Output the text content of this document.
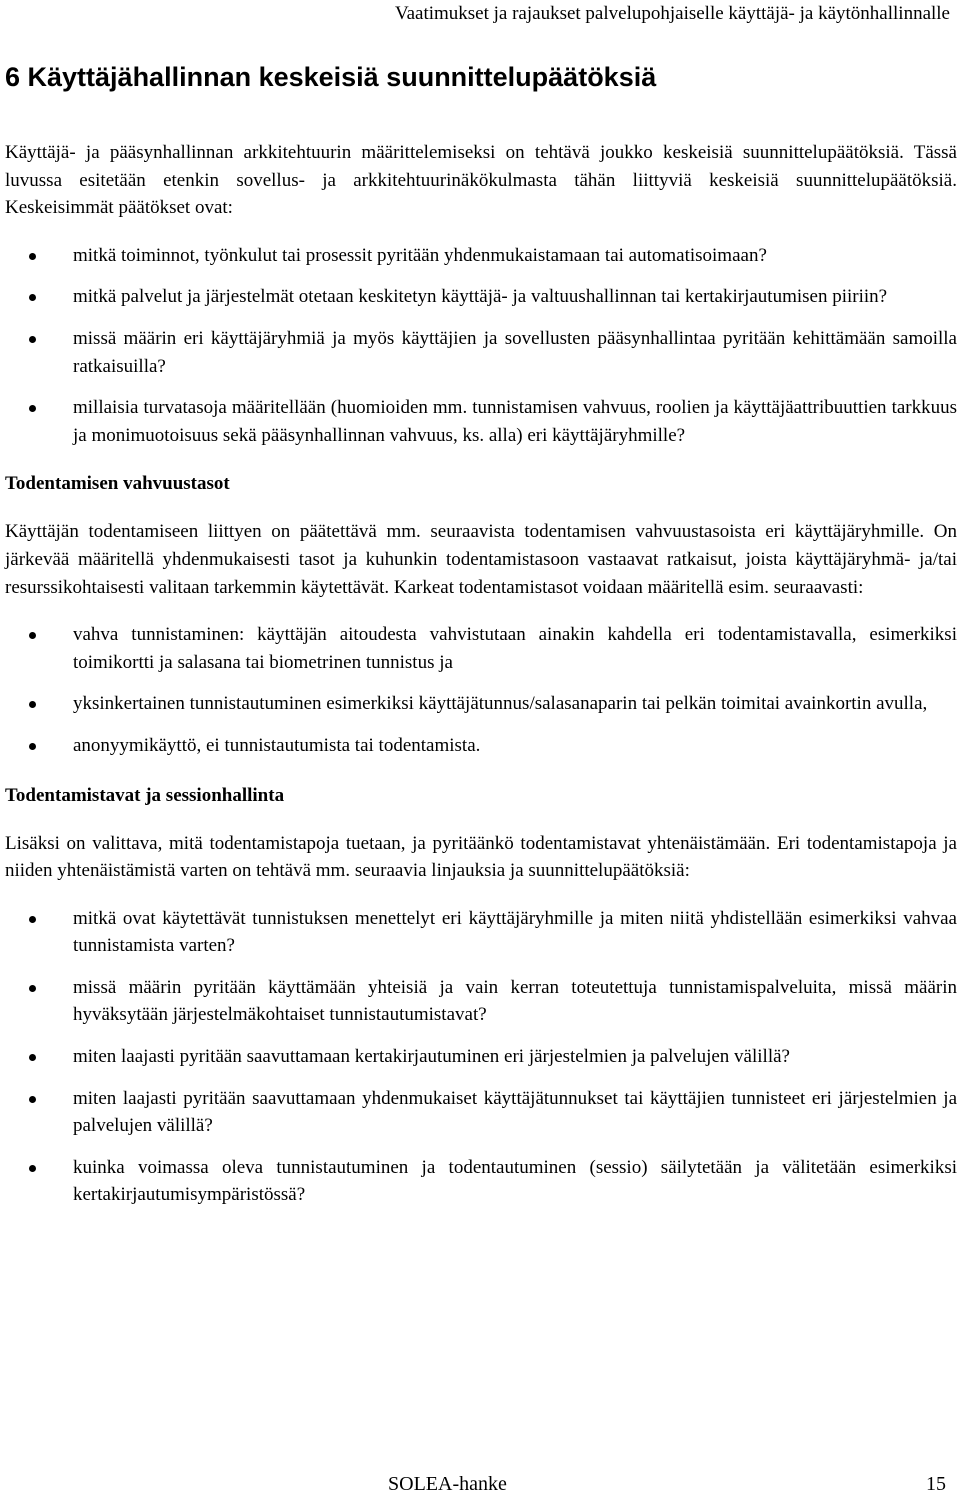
Vaatimukset ja rajaukset palvelupohjaiselle käyttäjä- ja käytönhallinnalle
6 Käyttäjähallinnan keskeisiä suunnittelupäätöksiä

Käyttäjä- ja pääsynhallinnan arkkitehtuurin määrittelemiseksi on tehtävä joukko keskeisiä suunnittelupäätöksiä. Tässä luvussa esitetään etenkin sovellus- ja arkkitehtuurinäkökulmasta tähän liittyviä keskeisiä suunnittelupäätöksiä. Keskeisimmät päätökset ovat:

mitkä toiminnot, työnkulut tai prosessit pyritään yhdenmukaistamaan tai automatisoimaan?
mitkä palvelut ja järjestelmät otetaan keskitetyn käyttäjä- ja valtuushallinnan tai kertakirjautumisen piiriin?
missä määrin eri käyttäjäryhmiä ja myös käyttäjien ja sovellusten pääsynhallintaa pyritään kehittämään samoilla ratkaisuilla?
millaisia turvatasoja määritellään (huomioiden mm. tunnistamisen vahvuus, roolien ja käyttäjäattribuuttien tarkkuus ja monimuotoisuus sekä pääsynhallinnan vahvuus, ks. alla) eri käyttäjäryhmille?
Todentamisen vahvuustasot

Käyttäjän todentamiseen liittyen on päätettävä mm. seuraavista todentamisen vahvuustasoista eri käyttäjäryhmille. On järkevää määritellä yhdenmukaisesti tasot ja kuhunkin todentamistasoon vastaavat ratkaisut, joista käyttäjäryhmä- ja/tai resurssikohtaisesti valitaan tarkemmin käytettävät. Karkeat todentamistasot voidaan määritellä esim. seuraavasti:

vahva tunnistaminen: käyttäjän aitoudesta vahvistutaan ainakin kahdella eri todentamistavalla, esimerkiksi toimikortti ja salasana tai biometrinen tunnistus ja
yksinkertainen tunnistautuminen esimerkiksi käyttäjätunnus/salasanaparin tai pelkän toimitai avainkortin avulla,
anonyymikäyttö, ei tunnistautumista tai todentamista.
Todentamistavat ja sessionhallinta

Lisäksi on valittava, mitä todentamistapoja tuetaan, ja pyritäänkö todentamistavat yhtenäistämään. Eri todentamistapoja ja niiden yhtenäistämistä varten on tehtävä mm. seuraavia linjauksia ja suunnittelupäätöksiä:

mitkä ovat käytettävät tunnistuksen menettelyt eri käyttäjäryhmille ja miten niitä yhdistellään esimerkiksi vahvaa tunnistamista varten?
missä määrin pyritään käyttämään yhteisiä ja vain kerran toteutettuja tunnistamispalveluita, missä määrin hyväksytään järjestelmäkohtaiset tunnistautumistavat?
miten laajasti pyritään saavuttamaan kertakirjautuminen eri järjestelmien ja palvelujen välillä?
miten laajasti pyritään saavuttamaan yhdenmukaiset käyttäjätunnukset tai käyttäjien tunnisteet eri järjestelmien ja palvelujen välillä?
kuinka voimassa oleva tunnistautuminen ja todentautuminen (sessio) säilytetään ja välitetään esimerkiksi kertakirjautumisympäristössä?
SOLEA-hanke	15
